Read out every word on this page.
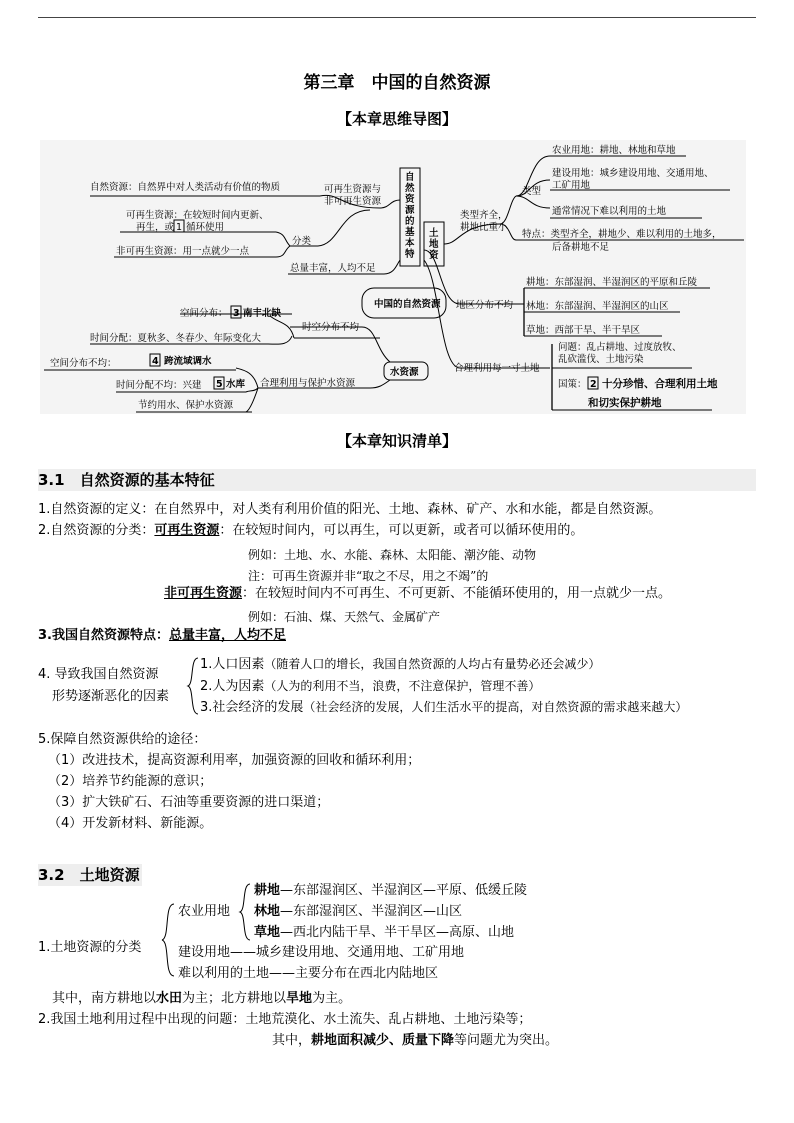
第三章　中国的自然资源
【本章思维导图】
自然资源的基本特
土地资
中国的自然资源
水资源
自然资源：自然界中对人类活动有价值的物质	可再生资源与
非可再生资源
可再生资源：在较短时间内更新、
再生，或 1 循环使用
分类
非可再生资源：用一点就少一点
总量丰富，人均不足
类型齐全，
耕地比重小
类型
农业用地：耕地、林地和草地
建设用地：城乡建设用地、交通用地、
工矿用地
通常情况下难以利用的土地
特点：类型齐全，耕地少、难以利用的土地多，
后备耕地不足
地区分布不均
耕地：东部湿润、半湿润区的平原和丘陵
林地：东部湿润、半湿润区的山区
草地：西部干旱、半干旱区
合理利用每一寸土地
问题：乱占耕地、过度放牧、
乱砍滥伐、土地污染
国策： 2 十分珍惜、合理利用土地
和切实保护耕地
时空分布不均
空间分布： 3 南丰北缺
时间分配：夏秋多、冬春少、年际变化大
合理利用与保护水资源
空间分布不均：	4 跨流域调水
时间分配不均：兴建 5 水库
节约用水、保护水资源
【本章知识清单】
3.1　自然资源的基本特征
1.自然资源的定义：在自然界中，对人类有利用价值的阳光、土地、森林、矿产、水和水能，都是自然资源。
2.自然资源的分类：可再生资源：在较短时间内，可以再生，可以更新，或者可以循环使用的。
例如：土地、水、水能、森林、太阳能、潮汐能、动物
注：可再生资源并非“取之不尽，用之不竭”的
非可再生资源：在较短时间内不可再生、不可更新、不能循环使用的，用一点就少一点。
例如：石油、煤、天然气、金属矿产
3.我国自然资源特点：总量丰富，人均不足
4. 导致我国自然资源
形势逐渐恶化的因素
1.人口因素（随着人口的增长，我国自然资源的人均占有量势必还会减少）
2.人为因素（人为的利用不当，浪费，不注意保护，管理不善）
3.社会经济的发展（社会经济的发展，人们生活水平的提高，对自然资源的需求越来越大）
5.保障自然资源供给的途径：
（1）改进技术，提高资源利用率，加强资源的回收和循环利用；
（2）培养节约能源的意识；
（3）扩大铁矿石、石油等重要资源的进口渠道；
（4）开发新材料、新能源。
3.2　土地资源
1.土地资源的分类
农业用地
耕地—东部湿润区、半湿润区—平原、低缓丘陵
林地—东部湿润区、半湿润区—山区
草地—西北内陆干旱、半干旱区—高原、山地
建设用地——城乡建设用地、交通用地、工矿用地
难以利用的土地——主要分布在西北内陆地区
其中，南方耕地以水田为主；北方耕地以旱地为主。
2.我国土地利用过程中出现的问题：土地荒漠化、水土流失、乱占耕地、土地污染等；
其中，耕地面积减少、质量下降等问题尤为突出。
